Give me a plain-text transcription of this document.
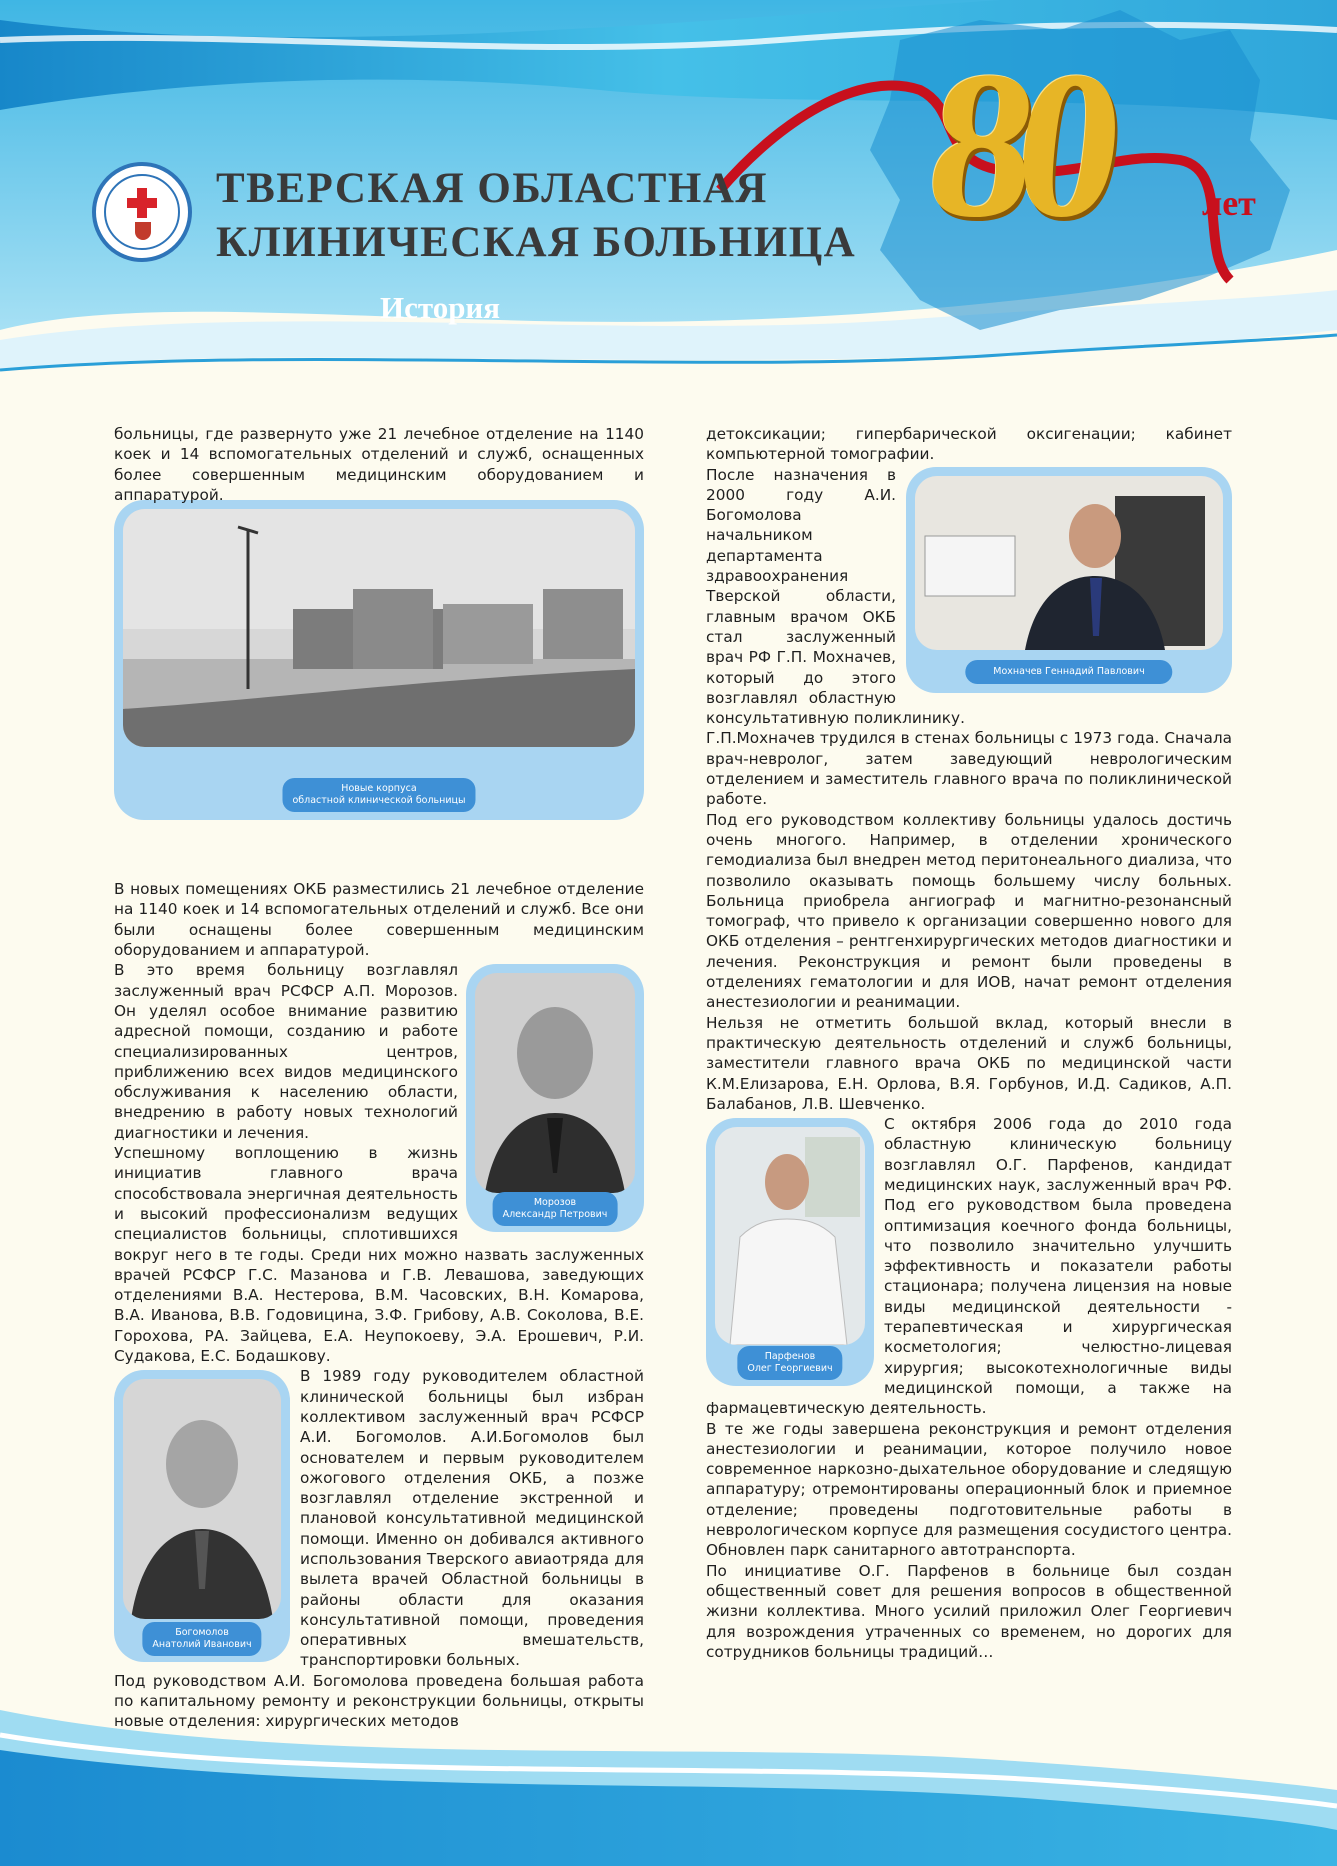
ТВЕРСКАЯ ОБЛАСТНАЯ
КЛИНИЧЕСКАЯ БОЛЬНИЦА
История
80 лет
Новые корпуса
областной клинической больницы

больницы, где развернуто уже 21 лечебное отделение на 1140 коек и 14 вспомогательных отделений и служб, оснащенных более совершенным медицинским оборудованием и аппаратурой.

В новых помещениях ОКБ разместились 21 лечебное отделение на 1140 коек и 14 вспомогательных отделений и служб. Все они были оснащены более совершенным медицинским оборудованием и аппаратурой.

Морозов
Александр Петрович

В это время больницу возглавлял заслуженный врач РСФСР А.П. Морозов. Он уделял особое внимание развитию адресной помощи, созданию и работе специализированных центров, приближению всех видов медицинского обслуживания к населению области, внедрению в работу новых технологий диагностики и лечения.

Успешному воплощению в жизнь инициатив главного врача способствовала энергичная деятельность и высокий профессионализм ведущих специалистов больницы, сплотившихся вокруг него в те годы. Среди них можно назвать заслуженных врачей РСФСР Г.С. Мазанова и Г.В. Левашова, заведующих отделениями В.А. Нестерова, В.М. Часовских, В.Н. Комарова, В.А. Иванова, В.В. Годовицина, З.Ф. Грибову, А.В. Соколова, В.Е. Горохова, РА. Зайцева, Е.А. Неупокоеву, Э.А. Ерошевич, Р.И. Судакова, Е.С. Бодашкову.

Богомолов
Анатолий Иванович

В 1989 году руководителем областной клинической больницы был избран коллективом заслуженный врач РСФСР А.И. Богомолов. А.И.Богомолов был основателем и первым руководителем ожогового отделения ОКБ, а позже возглавлял отделение экстренной и плановой консультативной медицинской помощи. Именно он добивался активного использования Тверского авиаотряда для вылета врачей Областной больницы в районы области для оказания консультативной помощи, проведения оперативных вмешательств, транспортировки больных.

Под руководством А.И. Богомолова проведена большая работа по капитальному ремонту и реконструкции больницы, открыты новые отделения: хирургических методов

детоксикации; гипербарической оксигенации; кабинет компьютерной томографии.

Мохначев Геннадий Павлович

После назначения в 2000 году А.И. Богомолова начальником департамента здравоохранения Тверской области, главным врачом ОКБ стал заслуженный врач РФ Г.П. Мохначев, который до этого возглавлял областную консультативную поликлинику.

Г.П.Мохначев трудился в стенах больницы с 1973 года. Сначала врач-невролог, затем заведующий неврологическим отделением и заместитель главного врача по поликлинической работе.

Под его руководством коллективу больницы удалось достичь очень многого. Например, в отделении хронического гемодиализа был внедрен метод перитонеального диализа, что позволило оказывать помощь большему числу больных. Больница приобрела ангиограф и магнитно-резонансный томограф, что привело к организации совершенно нового для ОКБ отделения – рентгенхирургических методов диагностики и лечения. Реконструкция и ремонт были проведены в отделениях гематологии и для ИОВ, начат ремонт отделения анестезиологии и реанимации.

Нельзя не отметить большой вклад, который внесли в практическую деятельность отделений и служб больницы, заместители главного врача ОКБ по медицинской части К.М.Елизарова, Е.Н. Орлова, В.Я. Горбунов, И.Д. Садиков, А.П. Балабанов, Л.В. Шевченко.

Парфенов
Олег Георгиевич

С октября 2006 года до 2010 года областную клиническую больницу возглавлял О.Г. Парфенов, кандидат медицинских наук, заслуженный врач РФ. Под его руководством была проведена оптимизация коечного фонда больницы, что позволило значительно улучшить эффективность и показатели работы стационара; получена лицензия на новые виды медицинской деятельности - терапевтическая и хирургическая косметология; челюстно-лицевая хирургия; высокотехнологичные виды медицинской помощи, а также на фармацевтическую деятельность.

В те же годы завершена реконструкция и ремонт отделения анестезиологии и реанимации, которое получило новое современное наркозно-дыхательное оборудование и следящую аппаратуру; отремонтированы операционный блок и приемное отделение; проведены подготовительные работы в неврологическом корпусе для размещения сосудистого центра. Обновлен парк санитарного автотранспорта.

По инициативе О.Г. Парфенов в больнице был создан общественный совет для решения вопросов в общественной жизни коллектива. Много усилий приложил Олег Георгиевич для возрождения утраченных со временем, но дорогих для сотрудников больницы традиций…
